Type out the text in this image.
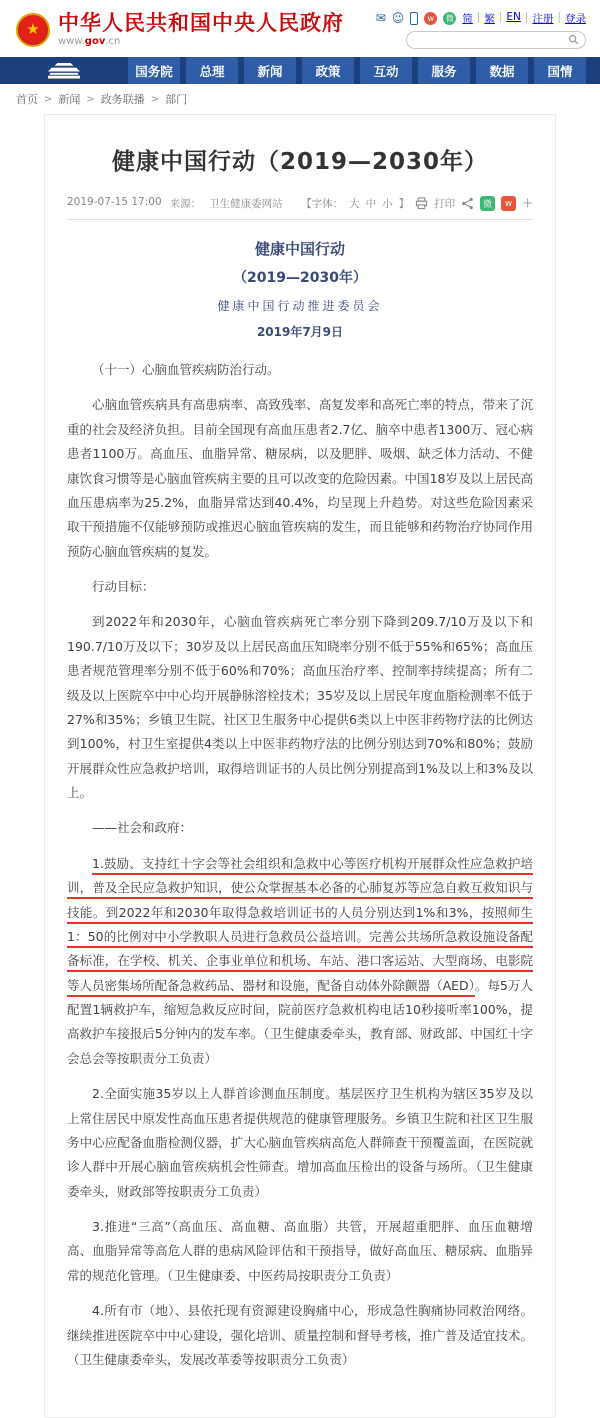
★ 中华人民共和国中央人民政府
www.gov.cn
✉ ☺	w	微 简 | 繁 | EN | 注册 | 登录
国务院	总理	新闻	政策	互动	服务	数据	国情
首页 > 新闻 > 政务联播 > 部门
健康中国行动（2019—2030年）
2019-07-15 17:00 来源： 卫生健康委网站 【字体： 大 中 小 】 打印	微	w +
健康中国行动
（2019—2030年）
健康中国行动推进委员会
2019年7月9日

（十一）心脑血管疾病防治行动。

心脑血管疾病具有高患病率、高致残率、高复发率和高死亡率的特点，带来了沉重的社会及经济负担。目前全国现有高血压患者2.7亿、脑卒中患者1300万、冠心病患者1100万。高血压、血脂异常、糖尿病，以及肥胖、吸烟、缺乏体力活动、不健康饮食习惯等是心脑血管疾病主要的且可以改变的危险因素。中国18岁及以上居民高血压患病率为25.2%，血脂异常达到40.4%，均呈现上升趋势。对这些危险因素采取干预措施不仅能够预防或推迟心脑血管疾病的发生，而且能够和药物治疗协同作用预防心脑血管疾病的复发。

行动目标：

到2022年和2030年，心脑血管疾病死亡率分别下降到209.7/10万及以下和190.7/10万及以下；30岁及以上居民高血压知晓率分别不低于55%和65%；高血压患者规范管理率分别不低于60%和70%；高血压治疗率、控制率持续提高；所有二级及以上医院卒中中心均开展静脉溶栓技术；35岁及以上居民年度血脂检测率不低于 27%和35%；乡镇卫生院、社区卫生服务中心提供6类以上中医非药物疗法的比例达到100%，村卫生室提供4类以上中医非药物疗法的比例分别达到70%和80%；鼓励开展群众性应急救护培训，取得培训证书的人员比例分别提高到1%及以上和3%及以上。

——社会和政府：

1.鼓励、支持红十字会等社会组织和急救中心等医疗机构开展群众性应急救护培训，普及全民应急救护知识，使公众掌握基本必备的心肺复苏等应急自救互救知识与技能。到2022年和2030年取得急救培训证书的人员分别达到1%和3%，按照师生1：50的比例对中小学教职人员进行急救员公益培训。完善公共场所急救设施设备配备标准，在学校、机关、企事业单位和机场、车站、港口客运站、大型商场、电影院等人员密集场所配备急救药品、器材和设施，配备自动体外除颤器（AED）。每5万人配置1辆救护车，缩短急救反应时间，院前医疗急救机构电话10秒接听率100%，提高救护车接报后5分钟内的发车率。（卫生健康委牵头，教育部、财政部、中国红十字会总会等按职责分工负责）

2.全面实施35岁以上人群首诊测血压制度。基层医疗卫生机构为辖区35岁及以上常住居民中原发性高血压患者提供规范的健康管理服务。乡镇卫生院和社区卫生服务中心应配备血脂检测仪器，扩大心脑血管疾病高危人群筛查干预覆盖面，在医院就诊人群中开展心脑血管疾病机会性筛查。增加高血压检出的设备与场所。（卫生健康委牵头，财政部等按职责分工负责）

3.推进“三高”（高血压、高血糖、高血脂）共管，开展超重肥胖、血压血糖增高、血脂异常等高危人群的患病风险评估和干预指导，做好高血压、糖尿病、血脂异常的规范化管理。（卫生健康委、中医药局按职责分工负责）

4.所有市（地）、县依托现有资源建设胸痛中心，形成急性胸痛协同救治网络。继续推进医院卒中中心建设，强化培训、质量控制和督导考核，推广普及适宜技术。（卫生健康委牵头，发展改革委等按职责分工负责）
